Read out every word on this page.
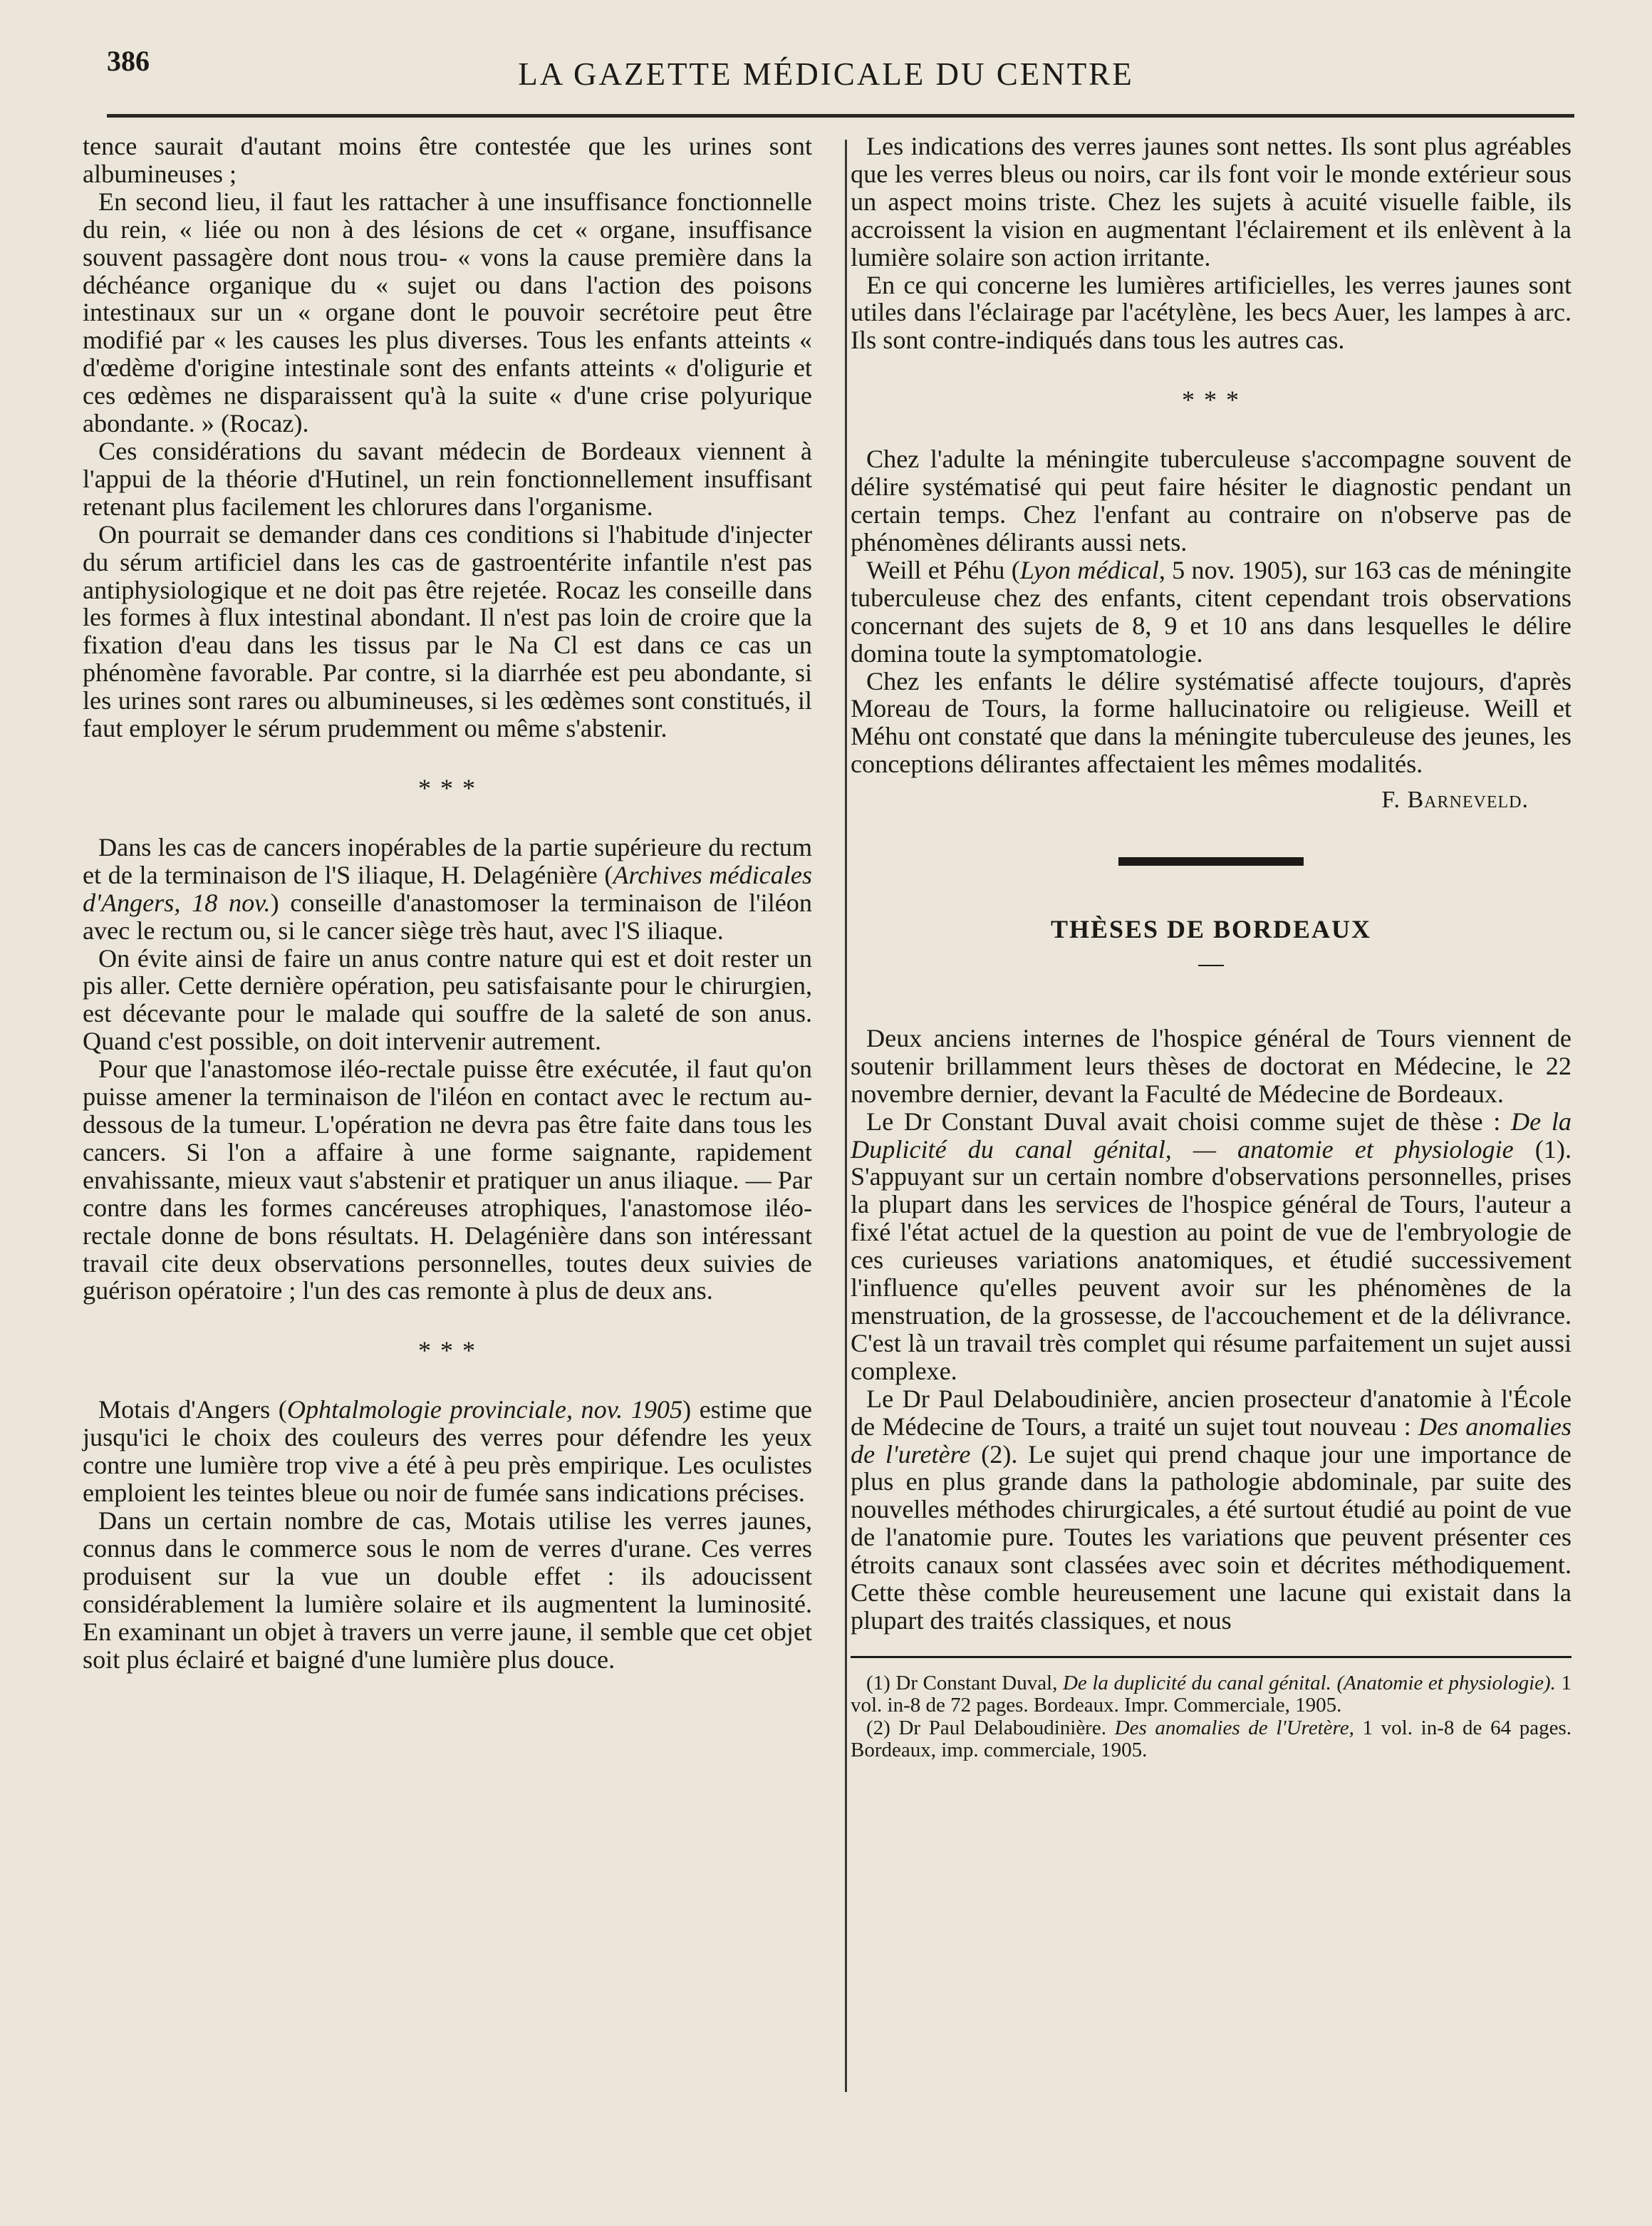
386	LA GAZETTE MÉDICALE DU CENTRE

tence saurait d'autant moins être contestée que les urines sont albumineuses ;

En second lieu, il faut les rattacher à une insuffisance fonctionnelle du rein, « liée ou non à des lésions de cet « organe, insuffisance souvent passagère dont nous trou- « vons la cause première dans la déchéance organique du « sujet ou dans l'action des poisons intestinaux sur un « organe dont le pouvoir secrétoire peut être modifié par « les causes les plus diverses. Tous les enfants atteints « d'œdème d'origine intestinale sont des enfants atteints « d'oligurie et ces œdèmes ne disparaissent qu'à la suite « d'une crise polyurique abondante. » (Rocaz).

Ces considérations du savant médecin de Bordeaux viennent à l'appui de la théorie d'Hutinel, un rein fonctionnellement insuffisant retenant plus facilement les chlorures dans l'organisme.

On pourrait se demander dans ces conditions si l'habitude d'injecter du sérum artificiel dans les cas de gastroentérite infantile n'est pas antiphysiologique et ne doit pas être rejetée. Rocaz les conseille dans les formes à flux intestinal abondant. Il n'est pas loin de croire que la fixation d'eau dans les tissus par le Na Cl est dans ce cas un phénomène favorable. Par contre, si la diarrhée est peu abondante, si les urines sont rares ou albumineuses, si les œdèmes sont constitués, il faut employer le sérum prudemment ou même s'abstenir.

* * *

Dans les cas de cancers inopérables de la partie supérieure du rectum et de la terminaison de l'S iliaque, H. Delagénière (Archives médicales d'Angers, 18 nov.) conseille d'anastomoser la terminaison de l'iléon avec le rectum ou, si le cancer siège très haut, avec l'S iliaque.

On évite ainsi de faire un anus contre nature qui est et doit rester un pis aller. Cette dernière opération, peu satisfaisante pour le chirurgien, est décevante pour le malade qui souffre de la saleté de son anus. Quand c'est possible, on doit intervenir autrement.

Pour que l'anastomose iléo-rectale puisse être exécutée, il faut qu'on puisse amener la terminaison de l'iléon en contact avec le rectum au-dessous de la tumeur. L'opération ne devra pas être faite dans tous les cancers. Si l'on a affaire à une forme saignante, rapidement envahissante, mieux vaut s'abstenir et pratiquer un anus iliaque. — Par contre dans les formes cancéreuses atrophiques, l'anastomose iléo-rectale donne de bons résultats. H. Delagénière dans son intéressant travail cite deux observations personnelles, toutes deux suivies de guérison opératoire ; l'un des cas remonte à plus de deux ans.

* * *

Motais d'Angers (Ophtalmologie provinciale, nov. 1905) estime que jusqu'ici le choix des couleurs des verres pour défendre les yeux contre une lumière trop vive a été à peu près empirique. Les oculistes emploient les teintes bleue ou noir de fumée sans indications précises.

Dans un certain nombre de cas, Motais utilise les verres jaunes, connus dans le commerce sous le nom de verres d'urane. Ces verres produisent sur la vue un double effet : ils adoucissent considérablement la lumière solaire et ils augmentent la luminosité. En examinant un objet à travers un verre jaune, il semble que cet objet soit plus éclairé et baigné d'une lumière plus douce.

Les indications des verres jaunes sont nettes. Ils sont plus agréables que les verres bleus ou noirs, car ils font voir le monde extérieur sous un aspect moins triste. Chez les sujets à acuité visuelle faible, ils accroissent la vision en augmentant l'éclairement et ils enlèvent à la lumière solaire son action irritante.

En ce qui concerne les lumières artificielles, les verres jaunes sont utiles dans l'éclairage par l'acétylène, les becs Auer, les lampes à arc. Ils sont contre-indiqués dans tous les autres cas.

* * *

Chez l'adulte la méningite tuberculeuse s'accompagne souvent de délire systématisé qui peut faire hésiter le diagnostic pendant un certain temps. Chez l'enfant au contraire on n'observe pas de phénomènes délirants aussi nets.

Weill et Péhu (Lyon médical, 5 nov. 1905), sur 163 cas de méningite tuberculeuse chez des enfants, citent cependant trois observations concernant des sujets de 8, 9 et 10 ans dans lesquelles le délire domina toute la symptomatologie.

Chez les enfants le délire systématisé affecte toujours, d'après Moreau de Tours, la forme hallucinatoire ou religieuse. Weill et Méhu ont constaté que dans la méningite tuberculeuse des jeunes, les conceptions délirantes affectaient les mêmes modalités.

F. Barneveld.
THÈSES DE BORDEAUX

Deux anciens internes de l'hospice général de Tours viennent de soutenir brillamment leurs thèses de doctorat en Médecine, le 22 novembre dernier, devant la Faculté de Médecine de Bordeaux.

Le Dr Constant Duval avait choisi comme sujet de thèse : De la Duplicité du canal génital, — anatomie et physiologie (1). S'appuyant sur un certain nombre d'observations personnelles, prises la plupart dans les services de l'hospice général de Tours, l'auteur a fixé l'état actuel de la question au point de vue de l'embryologie de ces curieuses variations anatomiques, et étudié successivement l'influence qu'elles peuvent avoir sur les phénomènes de la menstruation, de la grossesse, de l'accouchement et de la délivrance. C'est là un travail très complet qui résume parfaitement un sujet aussi complexe.

Le Dr Paul Delaboudinière, ancien prosecteur d'anatomie à l'École de Médecine de Tours, a traité un sujet tout nouveau : Des anomalies de l'uretère (2). Le sujet qui prend chaque jour une importance de plus en plus grande dans la pathologie abdominale, par suite des nouvelles méthodes chirurgicales, a été surtout étudié au point de vue de l'anatomie pure. Toutes les variations que peuvent présenter ces étroits canaux sont classées avec soin et décrites méthodiquement. Cette thèse comble heureusement une lacune qui existait dans la plupart des traités classiques, et nous

(1) Dr Constant Duval, De la duplicité du canal génital. (Anatomie et physiologie). 1 vol. in-8 de 72 pages. Bordeaux. Impr. Commerciale, 1905.

(2) Dr Paul Delaboudinière. Des anomalies de l'Uretère, 1 vol. in-8 de 64 pages. Bordeaux, imp. commerciale, 1905.
